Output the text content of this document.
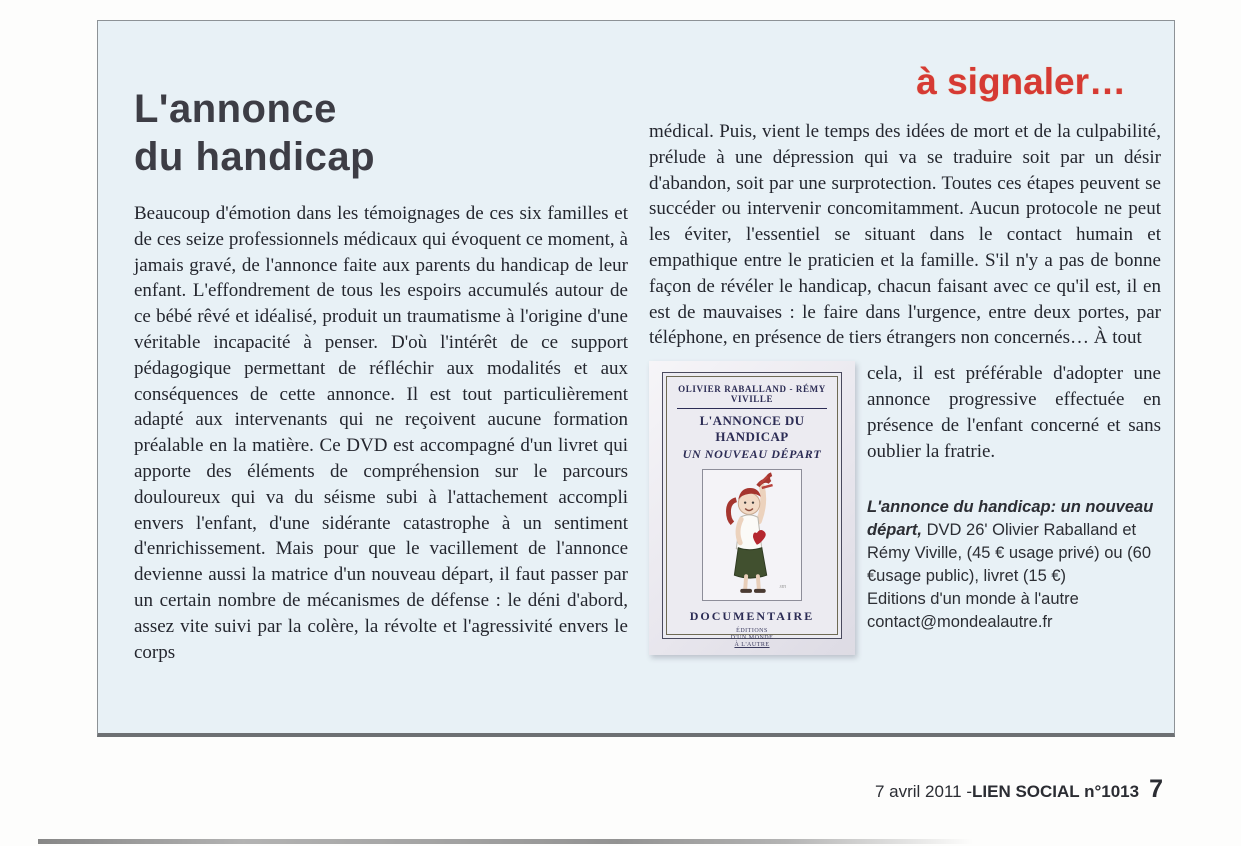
à signaler…
L'annonce
du handicap
Beaucoup d'émotion dans les témoignages de ces six familles et de ces seize professionnels médicaux qui évoquent ce moment, à jamais gravé, de l'annonce faite aux parents du handicap de leur enfant. L'effondrement de tous les espoirs accumulés autour de ce bébé rêvé et idéalisé, produit un traumatisme à l'origine d'une véritable incapacité à penser. D'où l'intérêt de ce support pédagogique permettant de réfléchir aux modalités et aux conséquences de cette annonce. Il est tout particulièrement adapté aux intervenants qui ne reçoivent aucune formation préalable en la matière. Ce DVD est accompagné d'un livret qui apporte des éléments de compréhension sur le parcours douloureux qui va du séisme subi à l'attachement accompli envers l'enfant, d'une sidérante catastrophe à un sentiment d'enrichissement. Mais pour que le vacillement de l'annonce devienne aussi la matrice d'un nouveau départ, il faut passer par un certain nombre de mécanismes de défense : le déni d'abord, assez vite suivi par la colère, la révolte et l'agressivité envers le corps

médical. Puis, vient le temps des idées de mort et de la culpabilité, prélude à une dépression qui va se traduire soit par un désir d'abandon, soit par une surprotection. Toutes ces étapes peuvent se succéder ou intervenir concomitamment. Aucun protocole ne peut les éviter, l'essentiel se situant dans le contact humain et empathique entre le praticien et la famille. S'il n'y a pas de bonne façon de révéler le handicap, chacun faisant avec ce qu'il est, il en est de mauvaises : le faire dans l'urgence, entre deux portes, par téléphone, en présence de tiers étrangers non concernés… À tout

OLIVIER RABALLAND - RÉMY VIVILLE
L'ANNONCE DU HANDICAP
UN NOUVEAU DÉPART
sm
DOCUMENTAIRE
ÉDITIONS
D'UN MONDE
À L'AUTRE

cela, il est préférable d'adopter une annonce progressive effectuée en présence de l'enfant concerné et sans oublier la fratrie.

L'annonce du handicap: un nouveau départ, DVD 26' Olivier Raballand et Rémy Viville, (45 € usage privé) ou (60 €usage public), livret (15 €)
Editions d'un monde à l'autre
contact@mondealautre.fr
7 avril 2011 - LIEN SOCIAL n°1013 7
